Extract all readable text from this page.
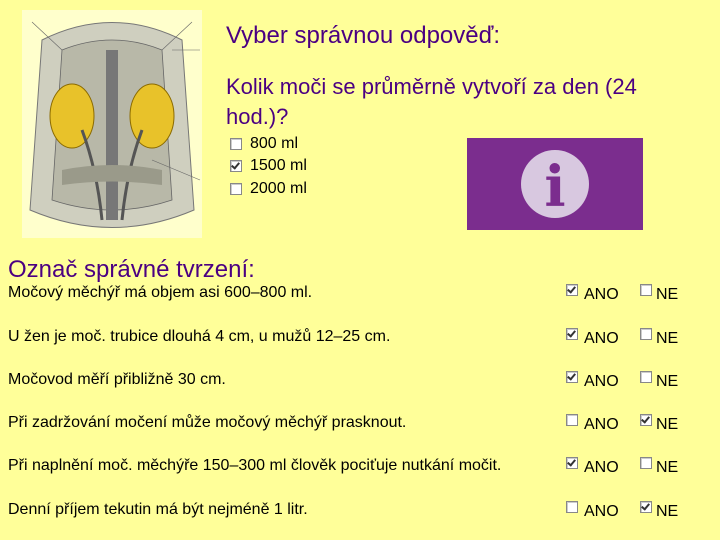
Vyber správnou odpověď:
Kolik moči se průměrně vytvoří za den (24 hod.)?
800 ml
1500 ml
2000 ml	i
Označ správné tvrzení:
Močový měchýř má objem asi 600–800 ml.	ANO NE
U žen je moč. trubice dlouhá 4 cm, u mužů 12–25 cm.	ANO NE
Močovod měří přibližně 30 cm.	ANO NE
Při zadržování močení může močový měchýř prasknout.	ANO NE
Při naplnění moč. měchýře 150–300 ml člověk pociťuje nutkání močit.	ANO NE
Denní příjem tekutin má být nejméně 1 litr.	ANO NE
